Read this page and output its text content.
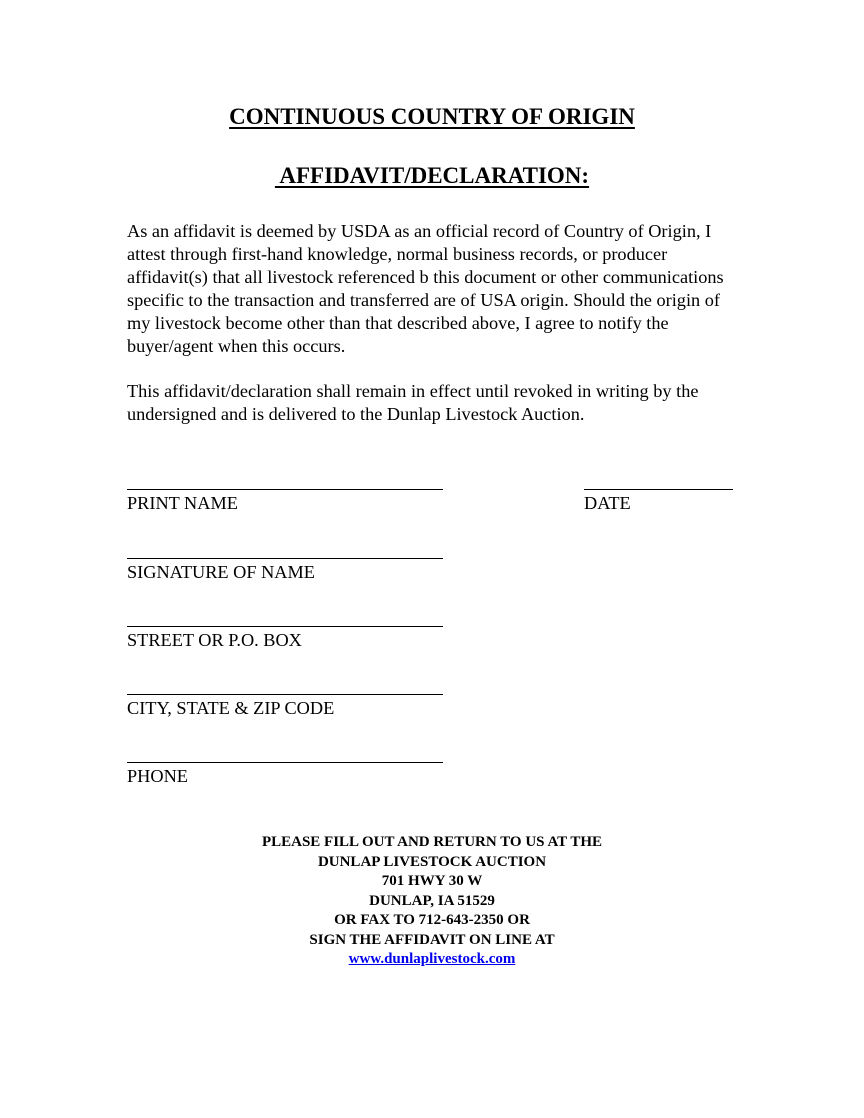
CONTINUOUS COUNTRY OF ORIGIN
AFFIDAVIT/DECLARATION:
As an affidavit is deemed by USDA as an official record of Country of Origin, I attest through first-hand knowledge, normal business records, or producer affidavit(s) that all livestock referenced b this document or other communications specific to the transaction and transferred are of USA origin. Should the origin of my livestock become other than that described above, I agree to notify the buyer/agent when this occurs.
This affidavit/declaration shall remain in effect until revoked in writing by the undersigned and is delivered to the Dunlap Livestock Auction.
PRINT NAME	DATE
SIGNATURE OF NAME
STREET OR P.O. BOX
CITY, STATE & ZIP CODE
PHONE
PLEASE FILL OUT AND RETURN TO US AT THE
DUNLAP LIVESTOCK AUCTION
701 HWY 30 W
DUNLAP, IA 51529
OR FAX TO 712-643-2350 OR
SIGN THE AFFIDAVIT ON LINE AT
www.dunlaplivestock.com
